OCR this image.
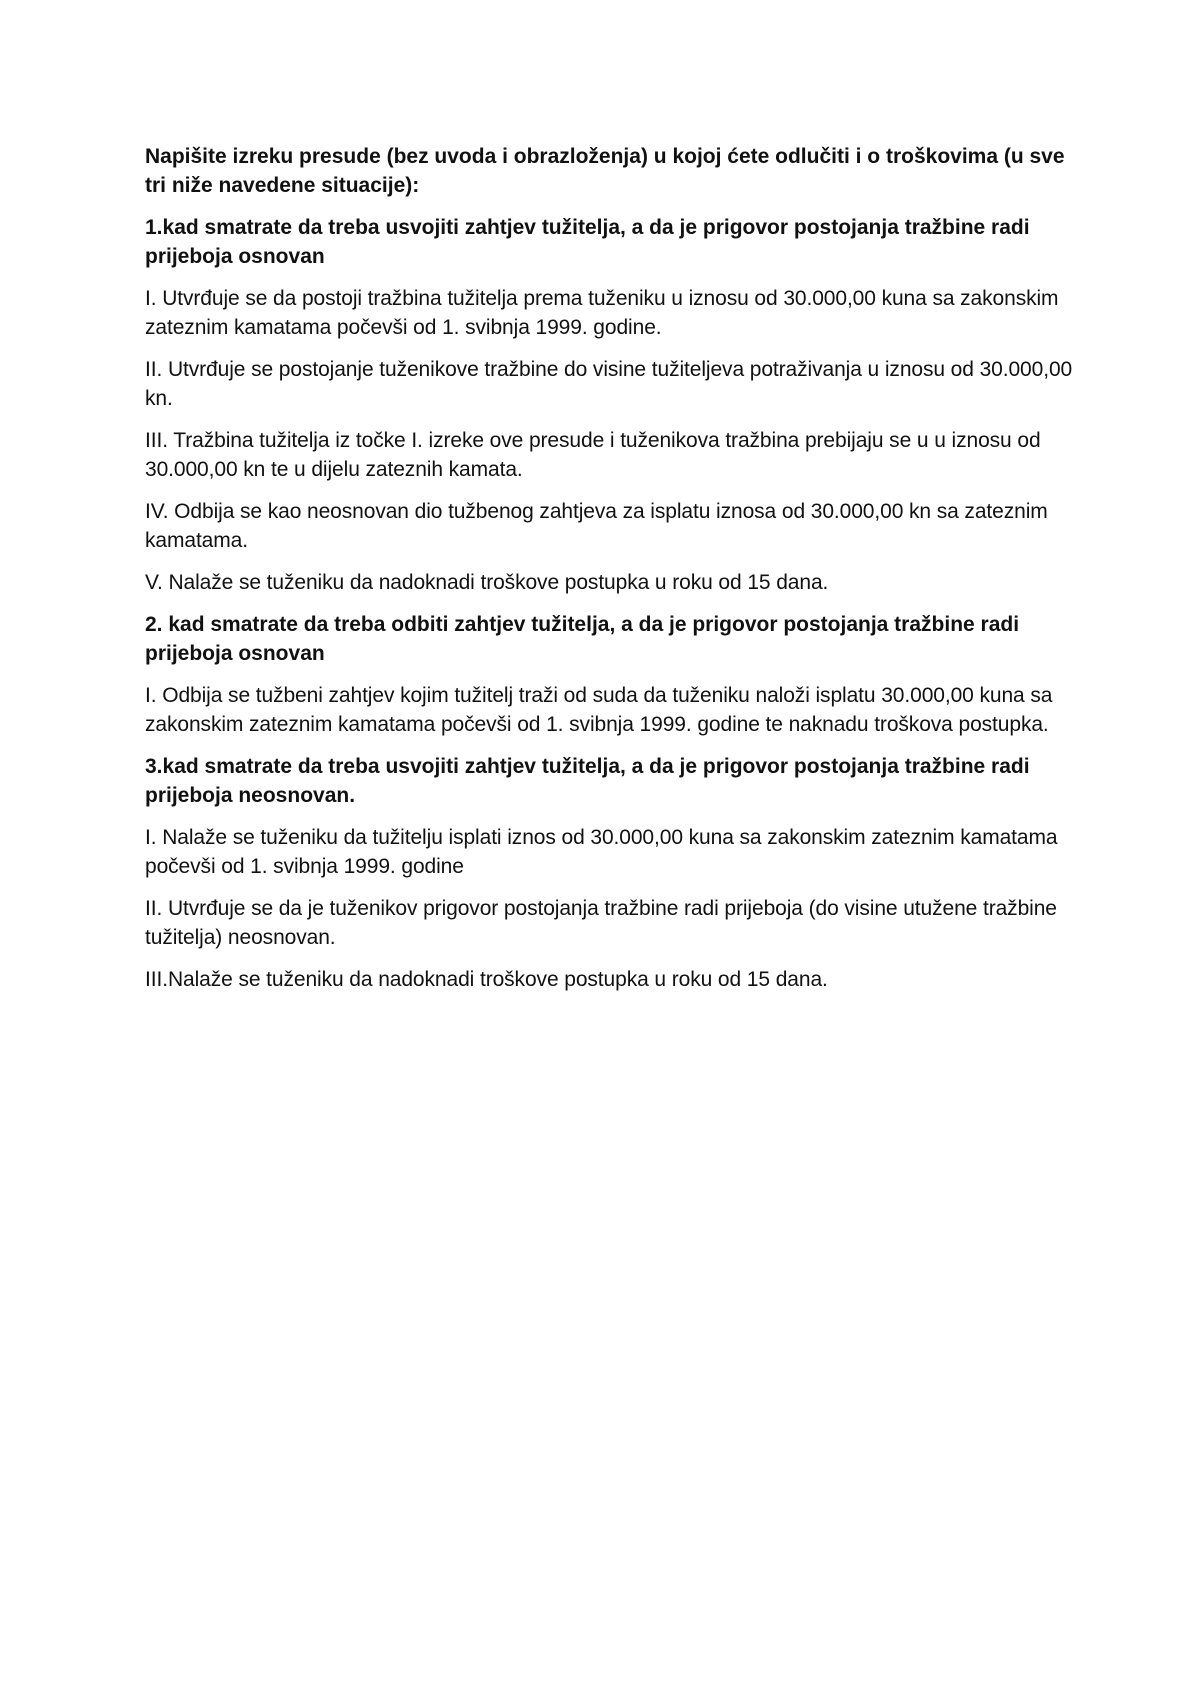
Napišite izreku presude (bez uvoda i obrazloženja) u kojoj ćete odlučiti i o troškovima (u sve tri niže navedene situacije):

1.kad smatrate da treba usvojiti zahtjev tužitelja, a da je prigovor postojanja tražbine radi prijeboja osnovan

I. Utvrđuje se da postoji tražbina tužitelja prema tuženiku u iznosu od 30.000,00 kuna sa zakonskim zateznim kamatama počevši od 1. svibnja 1999. godine.

II. Utvrđuje se postojanje tuženikove tražbine do visine tužiteljeva potraživanja u iznosu od 30.000,00 kn.

III. Tražbina tužitelja iz točke I. izreke ove presude i tuženikova tražbina prebijaju se u u iznosu od 30.000,00 kn te u dijelu zateznih kamata.

IV. Odbija se kao neosnovan dio tužbenog zahtjeva za isplatu iznosa od 30.000,00 kn sa zateznim kamatama.

V. Nalaže se tuženiku da nadoknadi troškove postupka u roku od 15 dana.

2. kad smatrate da treba odbiti zahtjev tužitelja, a da je prigovor postojanja tražbine radi prijeboja osnovan

I. Odbija se tužbeni zahtjev kojim tužitelj traži od suda da tuženiku naloži isplatu 30.000,00 kuna sa zakonskim zateznim kamatama počevši od 1. svibnja 1999. godine te naknadu troškova postupka.

3.kad smatrate da treba usvojiti zahtjev tužitelja, a da je prigovor postojanja tražbine radi prijeboja neosnovan.

I. Nalaže se tuženiku da tužitelju isplati iznos od 30.000,00 kuna sa zakonskim zateznim kamatama počevši od 1. svibnja 1999. godine

II. Utvrđuje se da je tuženikov prigovor postojanja tražbine radi prijeboja (do visine utužene tražbine tužitelja) neosnovan.

III.Nalaže se tuženiku da nadoknadi troškove postupka u roku od 15 dana.
